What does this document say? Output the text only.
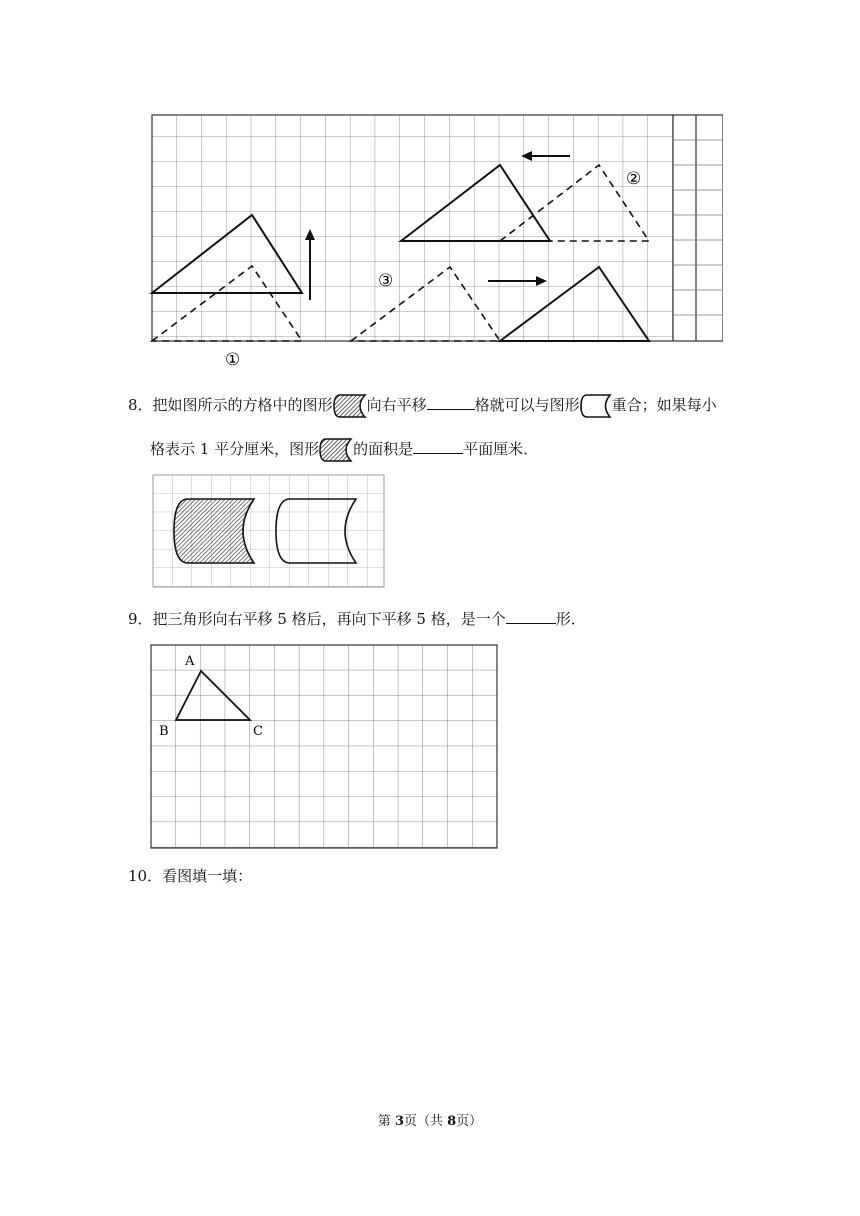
①
②
③
8．把如图所示的方格中的图形 向右平移	格就可以与图形 重合；如果每小
格表示 1 平分厘米，图形 的面积是	平面厘米．
9．把三角形向右平移 5 格后，再向下平移 5 格，是一个	形．
A
B	C
10．看图填一填：
第 3页（共 8页）
